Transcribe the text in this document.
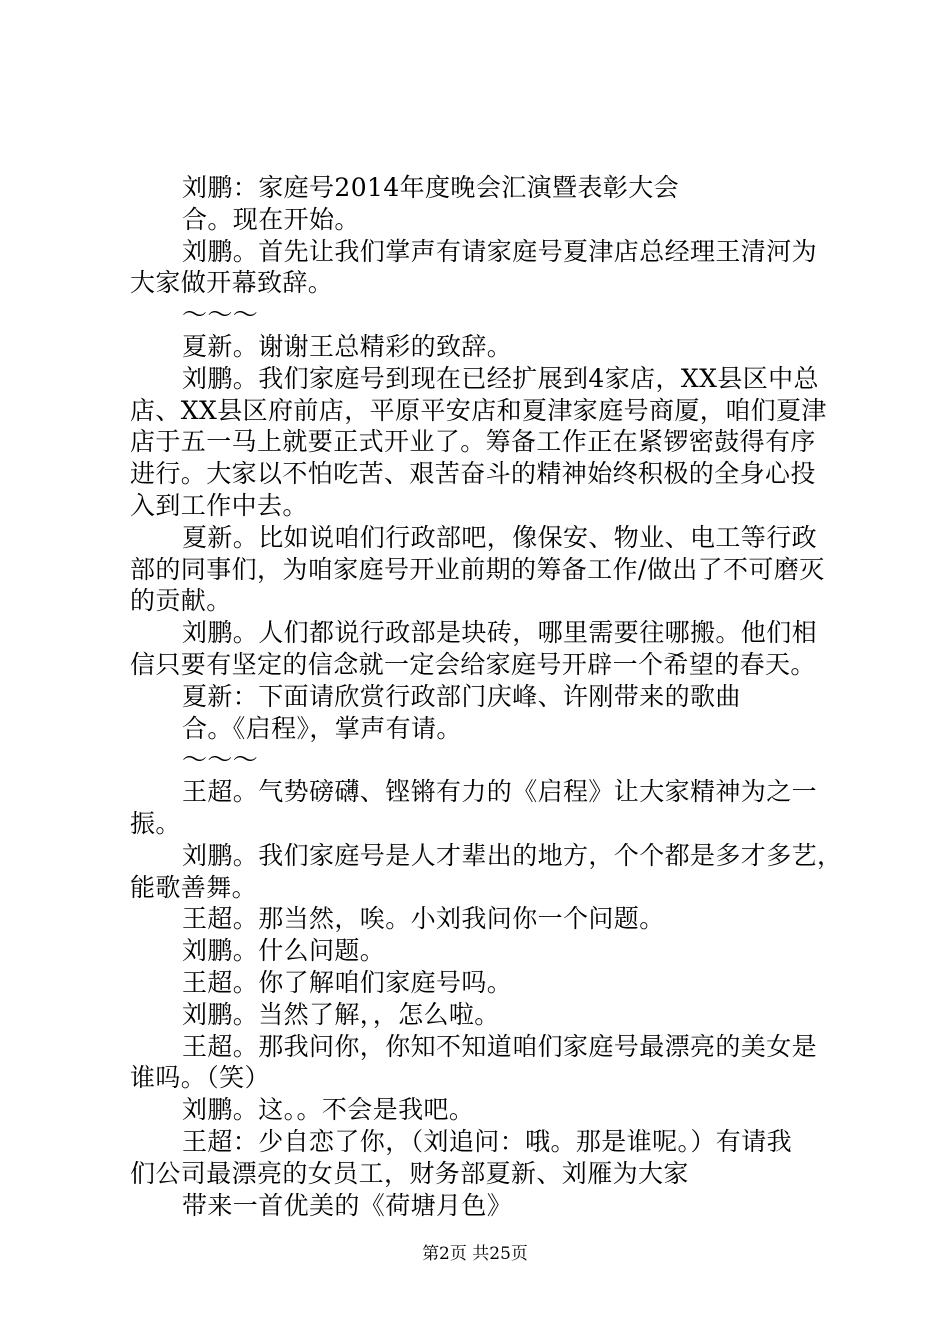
刘鹏：家庭号2014年度晚会汇演暨表彰大会
合。现在开始。
刘鹏。首先让我们掌声有请家庭号夏津店总经理王清河为
大家做开幕致辞。
～～～
夏新。谢谢王总精彩的致辞。
刘鹏。我们家庭号到现在已经扩展到4家店，XX县区中总
店、XX县区府前店，平原平安店和夏津家庭号商厦，咱们夏津
店于五一马上就要正式开业了。筹备工作正在紧锣密鼓得有序
进行。大家以不怕吃苦、艰苦奋斗的精神始终积极的全身心投
入到工作中去。
夏新。比如说咱们行政部吧，像保安、物业、电工等行政
部的同事们，为咱家庭号开业前期的筹备工作/做出了不可磨灭
的贡献。
刘鹏。人们都说行政部是块砖，哪里需要往哪搬。他们相
信只要有坚定的信念就一定会给家庭号开辟一个希望的春天。
夏新：下面请欣赏行政部门庆峰、许刚带来的歌曲
合。《启程》，掌声有请。
～～～
王超。气势磅礴、铿锵有力的《启程》让大家精神为之一
振。
刘鹏。我们家庭号是人才辈出的地方，个个都是多才多艺，
能歌善舞。
王超。那当然，唉。小刘我问你一个问题。
刘鹏。什么问题。
王超。你了解咱们家庭号吗。
刘鹏。当然了解，，怎么啦。
王超。那我问你，你知不知道咱们家庭号最漂亮的美女是
谁吗。（笑）
刘鹏。这。。不会是我吧。
王超：少自恋了你，（刘追问：哦。那是谁呢。）有请我
们公司最漂亮的女员工，财务部夏新、刘雁为大家
带来一首优美的《荷塘月色》
第2页 共25页
